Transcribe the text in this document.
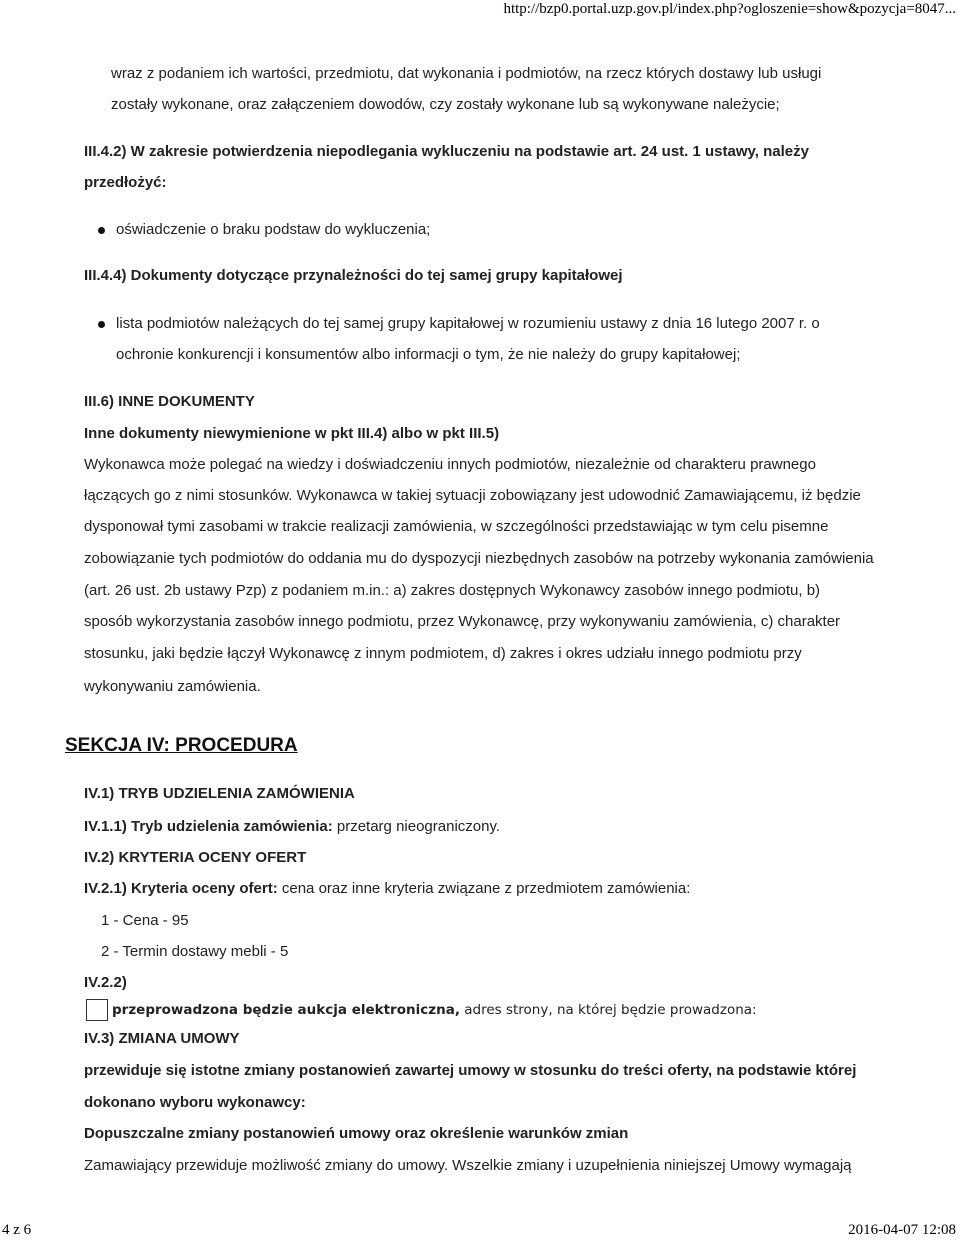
http://bzp0.portal.uzp.gov.pl/index.php?ogloszenie=show&pozycja=8047...
wraz z podaniem ich wartości, przedmiotu, dat wykonania i podmiotów, na rzecz których dostawy lub usługi
zostały wykonane, oraz załączeniem dowodów, czy zostały wykonane lub są wykonywane należycie;
III.4.2) W zakresie potwierdzenia niepodlegania wykluczeniu na podstawie art. 24 ust. 1 ustawy, należy
przedłożyć:
oświadczenie o braku podstaw do wykluczenia;
III.4.4) Dokumenty dotyczące przynależności do tej samej grupy kapitałowej
lista podmiotów należących do tej samej grupy kapitałowej w rozumieniu ustawy z dnia 16 lutego 2007 r. o
ochronie konkurencji i konsumentów albo informacji o tym, że nie należy do grupy kapitałowej;
III.6) INNE DOKUMENTY
Inne dokumenty niewymienione w pkt III.4) albo w pkt III.5)
Wykonawca może polegać na wiedzy i doświadczeniu innych podmiotów, niezależnie od charakteru prawnego
łączących go z nimi stosunków. Wykonawca w takiej sytuacji zobowiązany jest udowodnić Zamawiającemu, iż będzie
dysponował tymi zasobami w trakcie realizacji zamówienia, w szczególności przedstawiając w tym celu pisemne
zobowiązanie tych podmiotów do oddania mu do dyspozycji niezbędnych zasobów na potrzeby wykonania zamówienia
(art. 26 ust. 2b ustawy Pzp) z podaniem m.in.: a) zakres dostępnych Wykonawcy zasobów innego podmiotu, b)
sposób wykorzystania zasobów innego podmiotu, przez Wykonawcę, przy wykonywaniu zamówienia, c) charakter
stosunku, jaki będzie łączył Wykonawcę z innym podmiotem, d) zakres i okres udziału innego podmiotu przy
wykonywaniu zamówienia.
SEKCJA IV: PROCEDURA
IV.1) TRYB UDZIELENIA ZAMÓWIENIA
IV.1.1) Tryb udzielenia zamówienia: przetarg nieograniczony.
IV.2) KRYTERIA OCENY OFERT
IV.2.1) Kryteria oceny ofert: cena oraz inne kryteria związane z przedmiotem zamówienia:
1 - Cena - 95
2 - Termin dostawy mebli - 5
IV.2.2)
przeprowadzona będzie aukcja elektroniczna, adres strony, na której będzie prowadzona:
IV.3) ZMIANA UMOWY
przewiduje się istotne zmiany postanowień zawartej umowy w stosunku do treści oferty, na podstawie której
dokonano wyboru wykonawcy:
Dopuszczalne zmiany postanowień umowy oraz określenie warunków zmian
Zamawiający przewiduje możliwość zmiany do umowy. Wszelkie zmiany i uzupełnienia niniejszej Umowy wymagają
4 z 6	2016-04-07 12:08
